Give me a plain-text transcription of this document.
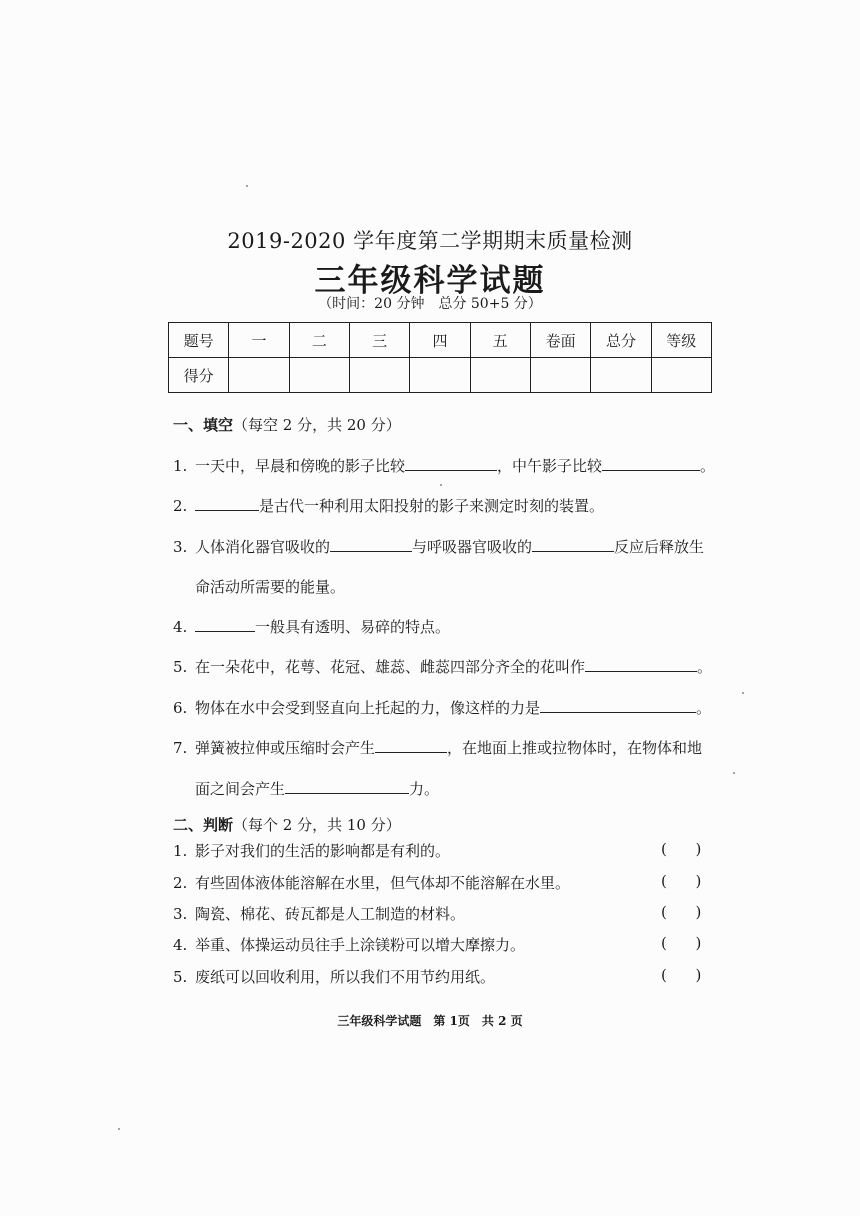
2019-2020 学年度第二学期期末质量检测
三年级科学试题
（时间：20 分钟　总分 50+5 分）
题号	一	二	三	四	五	卷面	总分	等级
得分								
一、填空（每空 2 分，共 20 分）
1. 一天中，早晨和傍晚的影子比较	，中午影子比较	。
2.	是古代一种利用太阳投射的影子来测定时刻的装置。
3. 人体消化器官吸收的	与呼吸器官吸收的	反应后释放生
命活动所需要的能量。
4.	一般具有透明、易碎的特点。
5. 在一朵花中，花萼、花冠、雄蕊、雌蕊四部分齐全的花叫作	。
6. 物体在水中会受到竖直向上托起的力，像这样的力是	。
7. 弹簧被拉伸或压缩时会产生	，在地面上推或拉物体时，在物体和地
面之间会产生	力。
二、判断（每个 2 分，共 10 分）
1. 影子对我们的生活的影响都是有利的。	(      )
2. 有些固体液体能溶解在水里，但气体却不能溶解在水里。	(      )
3. 陶瓷、棉花、砖瓦都是人工制造的材料。	(      )
4. 举重、体操运动员往手上涂镁粉可以增大摩擦力。	(      )
5. 废纸可以回收利用，所以我们不用节约用纸。	(      )
三年级科学试题　第 1页　共 2 页
